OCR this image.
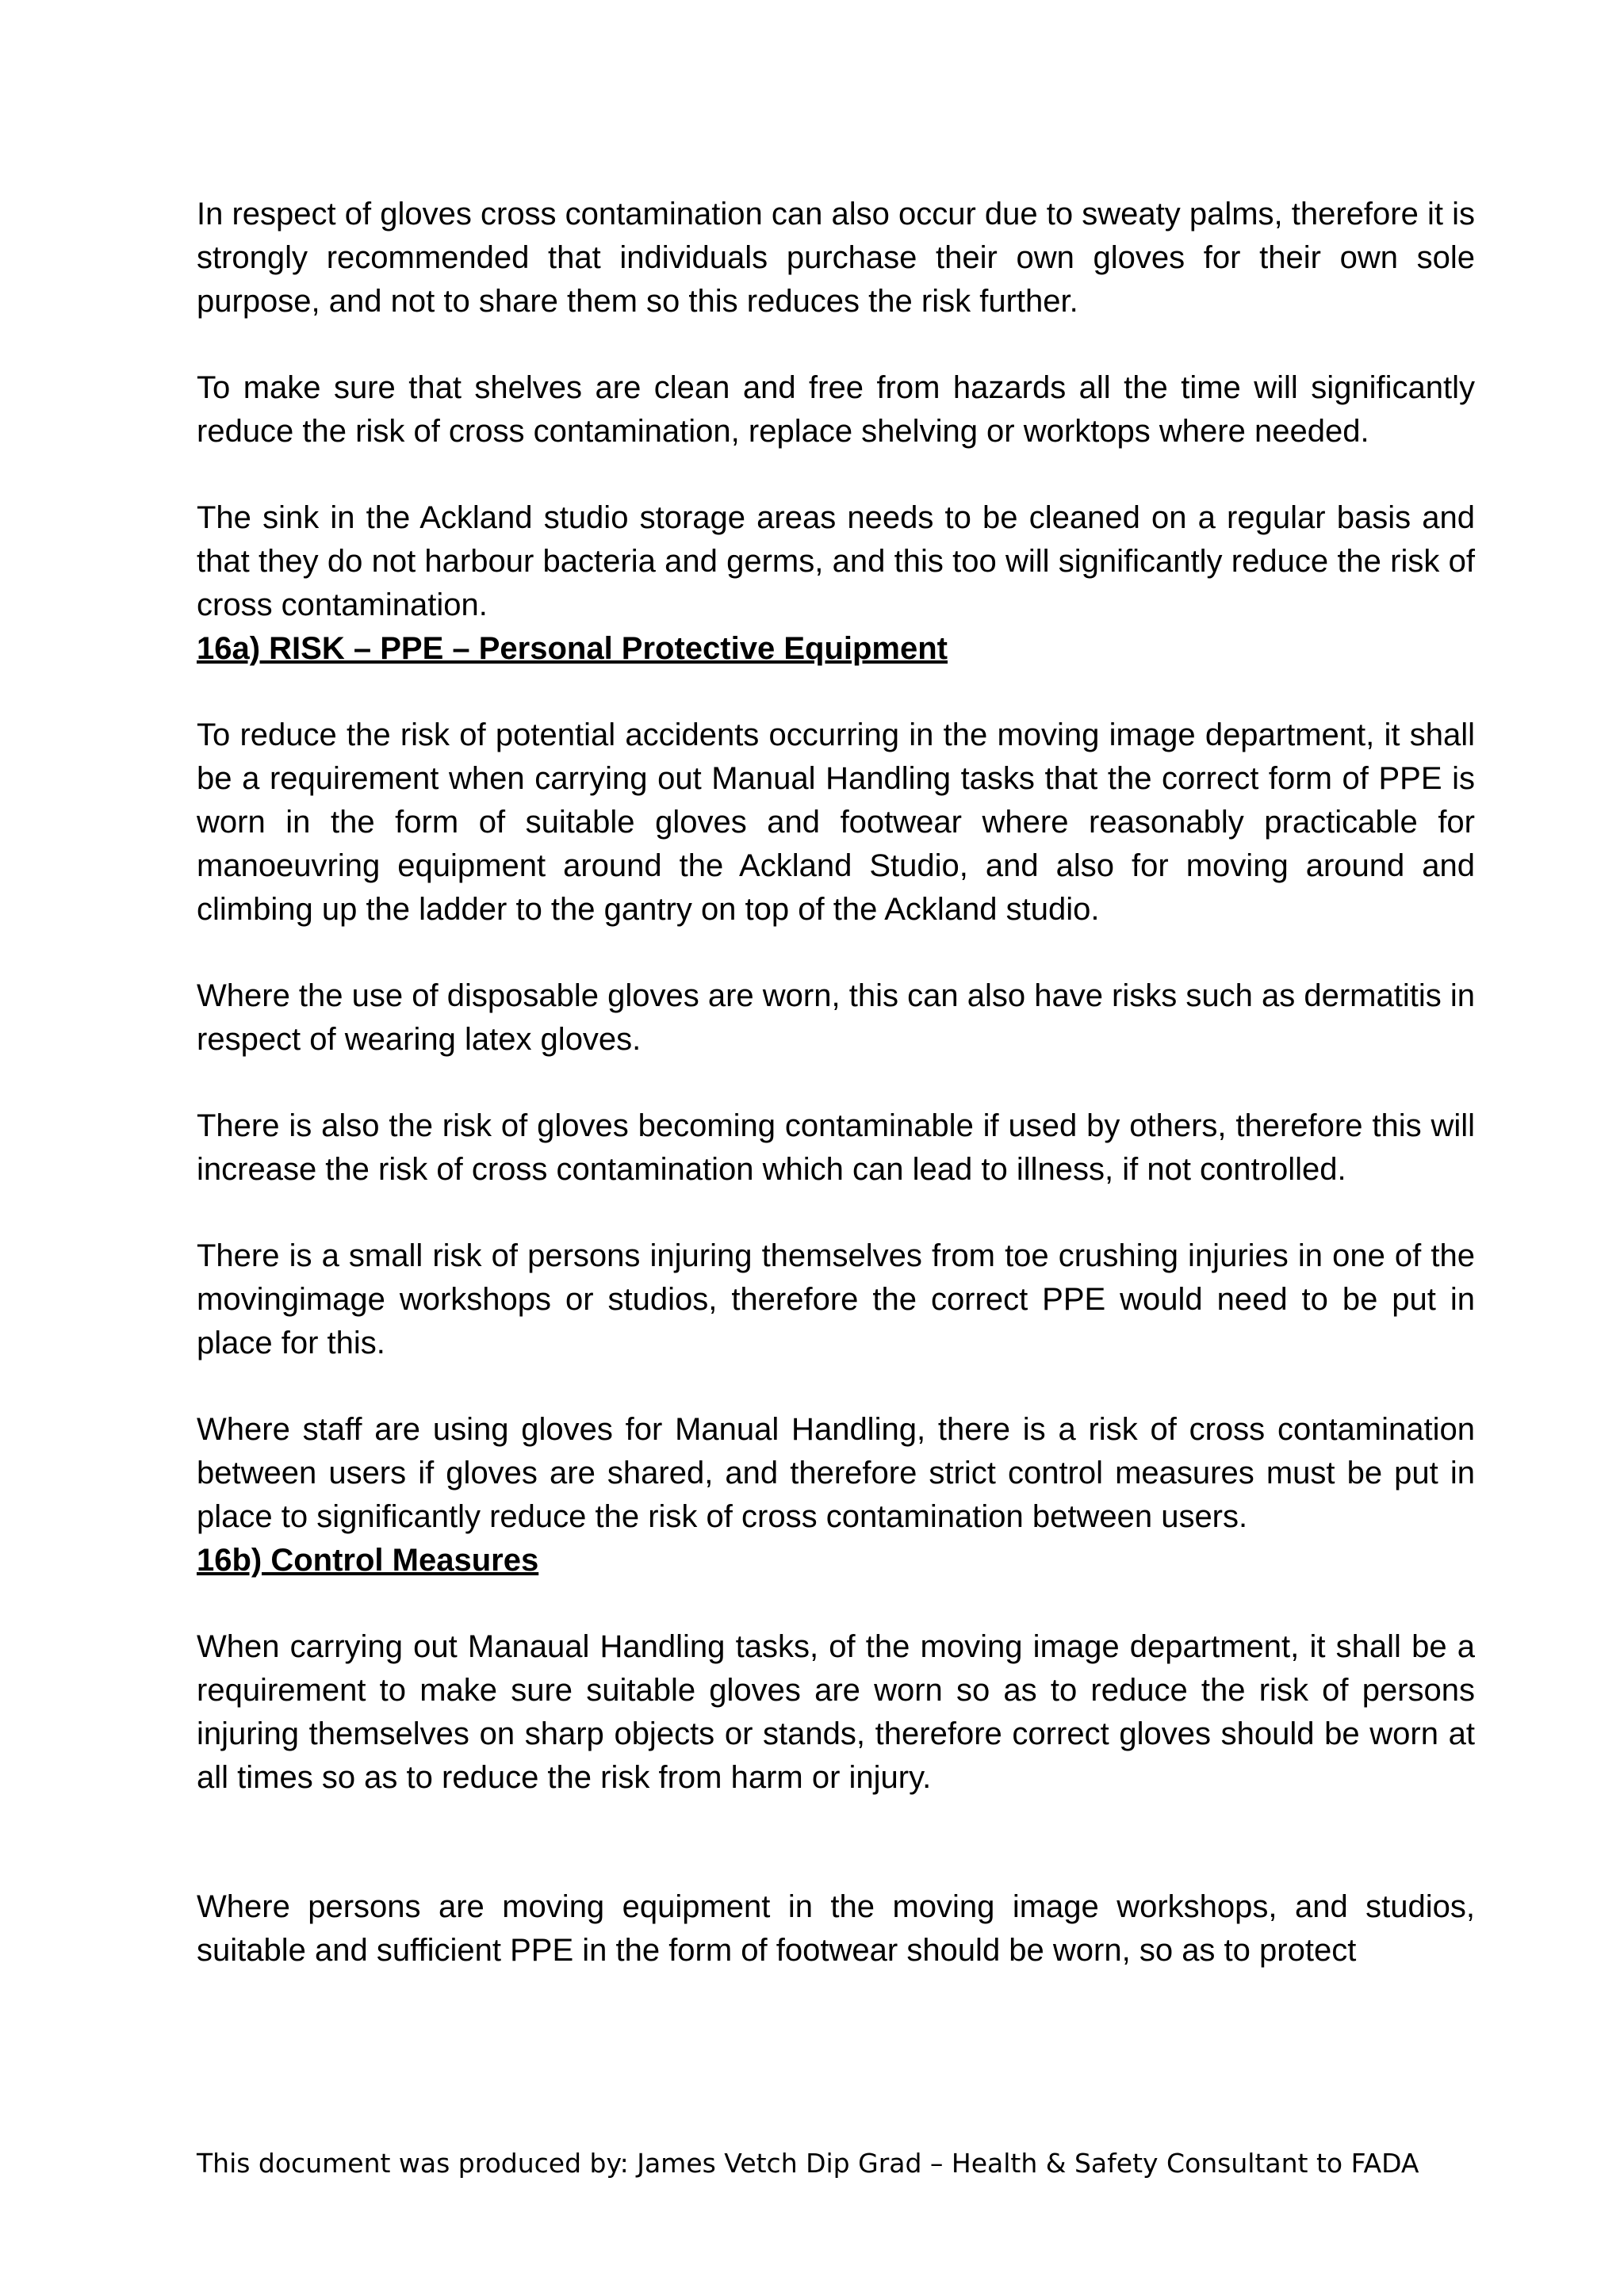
In respect of gloves cross contamination can also occur due to sweaty palms, therefore it is strongly recommended that individuals purchase their own gloves for their own sole purpose, and not to share them so this reduces the risk further.

To make sure that shelves are clean and free from hazards all the time will significantly reduce the risk of cross contamination, replace shelving or worktops where needed.

The sink in the Ackland studio storage areas needs to be cleaned on a regular basis and that they do not harbour bacteria and germs, and this too will significantly reduce the risk of cross contamination.

16a) RISK – PPE – Personal Protective Equipment

To reduce the risk of potential accidents occurring in the moving image department, it shall be a requirement when carrying out Manual Handling tasks that the correct form of PPE is worn in the form of suitable gloves and footwear where reasonably practicable for manoeuvring equipment around the Ackland Studio, and also for moving around and climbing up the ladder to the gantry on top of the Ackland studio.

Where the use of disposable gloves are worn, this can also have risks such as dermatitis in respect of wearing latex gloves.

There is also the risk of gloves becoming contaminable if used by others, therefore this will increase the risk of cross contamination which can lead to illness, if not controlled.

There is a small risk of persons injuring themselves from toe crushing injuries in one of the movingimage workshops or studios, therefore the correct PPE would need to be put in place for this.

Where staff are using gloves for Manual Handling, there is a risk of cross contamination between users if gloves are shared, and therefore strict control measures must be put in place to significantly reduce the risk of cross contamination between users.

16b) Control Measures

When carrying out Manaual Handling tasks, of the moving image department, it shall be a requirement to make sure suitable gloves are worn so as to reduce the risk of persons injuring themselves on sharp objects or stands, therefore correct gloves should be worn at all times so as to reduce the risk from harm or injury.

Where persons are moving equipment in the moving image workshops, and studios, suitable and sufficient PPE in the form of footwear should be worn, so as to protect

This document was produced by: James Vetch Dip Grad – Health & Safety Consultant to FADA
